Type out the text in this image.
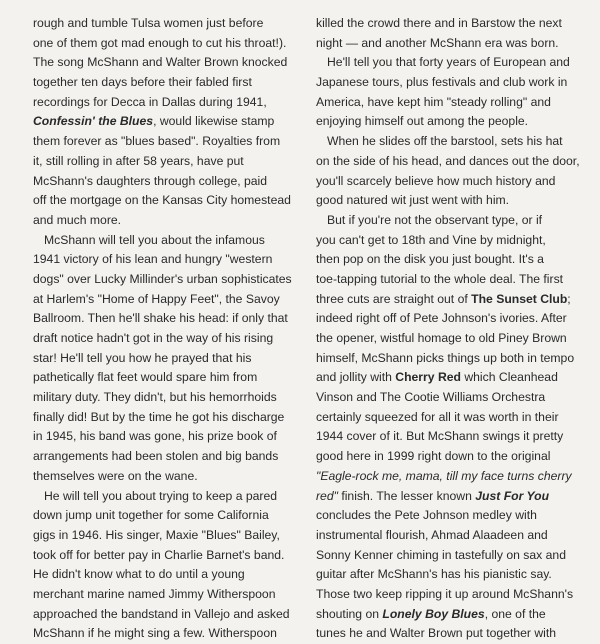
rough and tumble Tulsa women just before
one of them got mad enough to cut his throat!).
The song McShann and Walter Brown knocked
together ten days before their fabled first
recordings for Decca in Dallas during 1941,
Confessin' the Blues, would likewise stamp
them forever as "blues based". Royalties from
it, still rolling in after 58 years, have put
McShann's daughters through college, paid
off the mortgage on the Kansas City homestead
and much more.
McShann will tell you about the infamous
1941 victory of his lean and hungry "western
dogs" over Lucky Millinder's urban sophisticates
at Harlem's "Home of Happy Feet", the Savoy
Ballroom. Then he'll shake his head: if only that
draft notice hadn't got in the way of his rising
star! He'll tell you how he prayed that his
pathetically flat feet would spare him from
military duty. They didn't, but his hemorrhoids
finally did! But by the time he got his discharge
in 1945, his band was gone, his prize book of
arrangements had been stolen and big bands
themselves were on the wane.
He will tell you about trying to keep a pared
down jump unit together for some California
gigs in 1946. His singer, Maxie "Blues" Bailey,
took off for better pay in Charlie Barnet's band.
He didn't know what to do until a young
merchant marine named Jimmy Witherspoon
approached the bandstand in Vallejo and asked
McShann if he might sing a few. Witherspoon
killed the crowd there and in Barstow the next
night — and another McShann era was born.
He'll tell you that forty years of European and
Japanese tours, plus festivals and club work in
America, have kept him "steady rolling" and
enjoying himself out among the people.
When he slides off the barstool, sets his hat
on the side of his head, and dances out the door,
you'll scarcely believe how much history and
good natured wit just went with him.
But if you're not the observant type, or if
you can't get to 18th and Vine by midnight,
then pop on the disk you just bought. It's a
toe-tapping tutorial to the whole deal. The first
three cuts are straight out of The Sunset Club;
indeed right off of Pete Johnson's ivories. After
the opener, wistful homage to old Piney Brown
himself, McShann picks things up both in tempo
and jollity with Cherry Red which Cleanhead
Vinson and The Cootie Williams Orchestra
certainly squeezed for all it was worth in their
1944 cover of it. But McShann swings it pretty
good here in 1999 right down to the original
"Eagle-rock me, mama, till my face turns cherry
red" finish. The lesser known Just For You
concludes the Pete Johnson medley with
instrumental flourish, Ahmad Alaadeen and
Sonny Kenner chiming in tastefully on sax and
guitar after McShann's has his pianistic say.
Those two keep ripping it up around McShann's
shouting on Lonely Boy Blues, one of the
tunes he and Walter Brown put together with
